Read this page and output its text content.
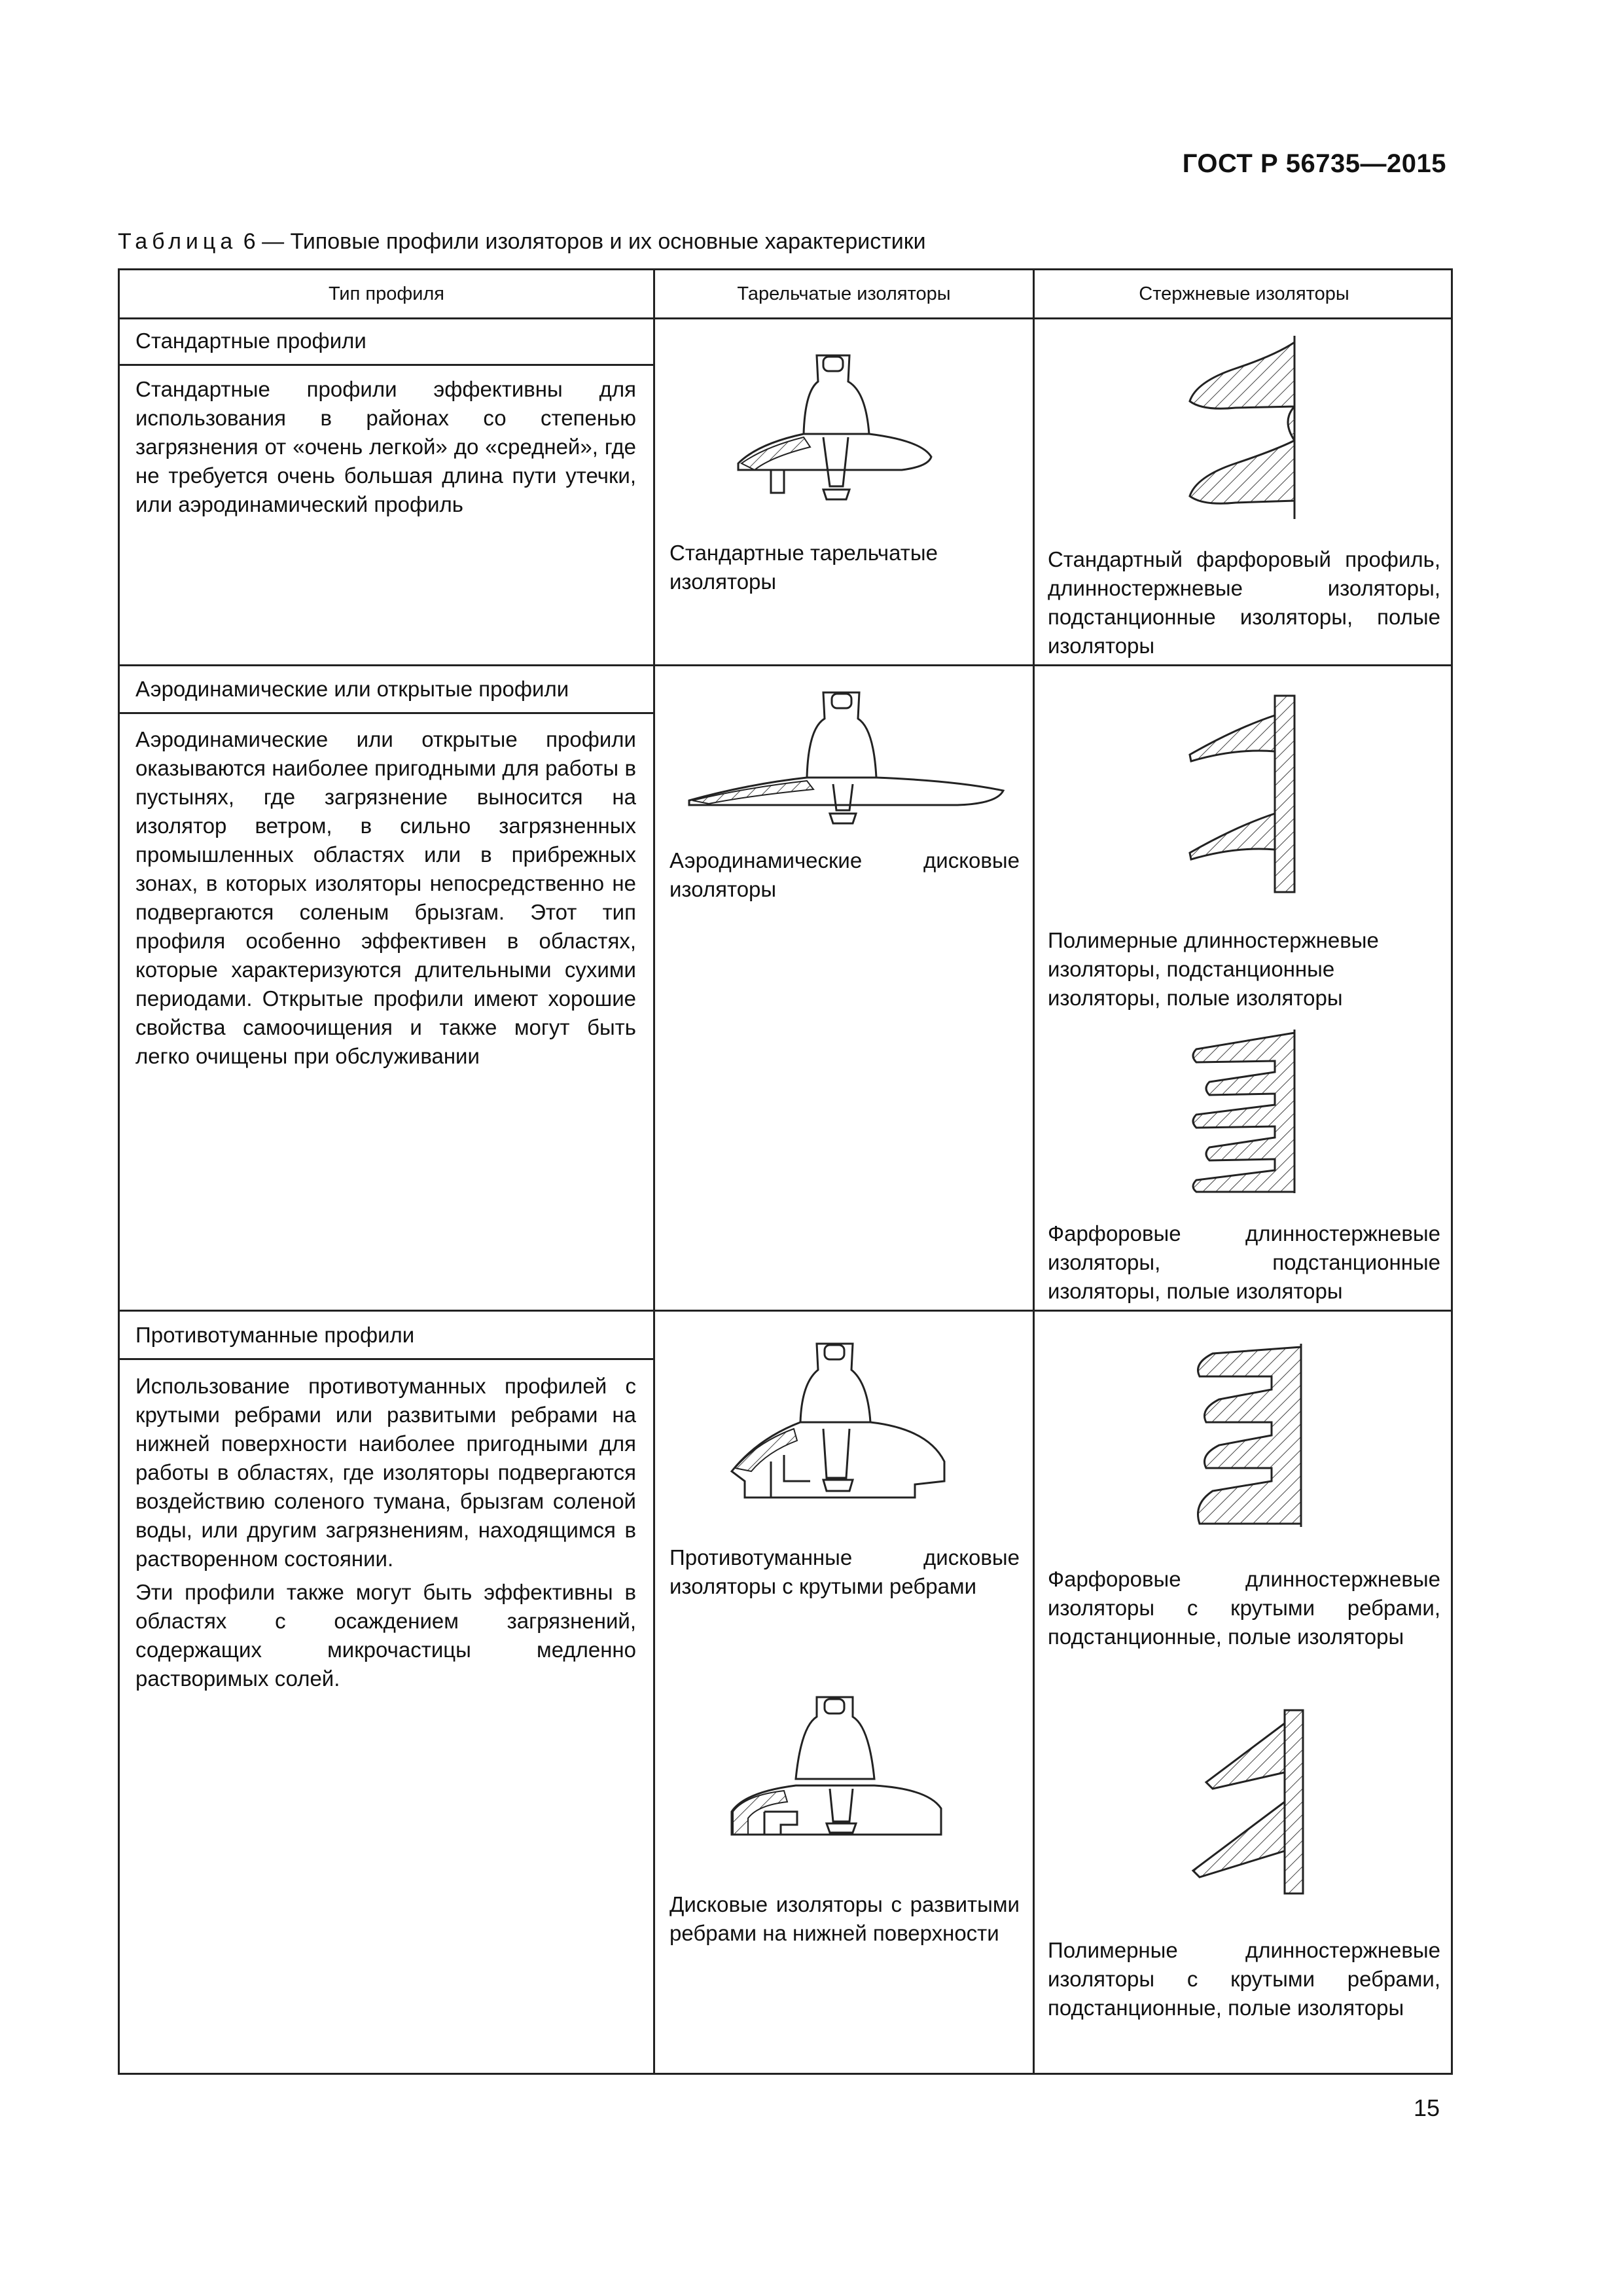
ГОСТ Р 56735—2015
Таблица 6 — Типовые профили изоляторов и их основные характеристики
Тип профиля	Тарельчатые изоляторы	Стержневые изоляторы
Стандартные профили
Стандартные профили эффективны для использования в районах со степенью загрязнения от «очень легкой» до «средней», где не требуется очень большая длина пути утечки, или аэродинамический профиль
Стандартные тарельчатые изоляторы
Стандартный фарфоровый профиль, длинностержневые изоляторы, подстанционные изоляторы, полые изоляторы
Аэродинамические или открытые профили
Аэродинамические или открытые профили оказываются наиболее пригодными для работы в пустынях, где загрязнение выносится на изолятор ветром, в сильно загрязненных промышленных областях или в прибрежных зонах, в которых изоляторы непосредственно не подвергаются соленым брызгам. Этот тип профиля особенно эффективен в областях, которые характеризуются длительными сухими периодами. Открытые профили имеют хорошие свойства самоочищения и также могут быть легко очищены при обслуживании
Аэродинамические дисковые изоляторы
Полимерные длинностержневые изоляторы, подстанционные изоляторы, полые изоляторы
Фарфоровые длинностержневые изоляторы, подстанционные изоляторы, полые изоляторы
Противотуманные профили
Использование противотуманных профилей с крутыми ребрами или развитыми ребрами на нижней поверхности наиболее пригодными для работы в областях, где изоляторы подвергаются воздействию соленого тумана, брызгам соленой воды, или другим загрязнениям, находящимся в растворенном состоянии.
Эти профили также могут быть эффективны в областях с осаждением загрязнений, содержащих микрочастицы медленно растворимых солей.
Противотуманные дисковые изоляторы с крутыми ребрами
Дисковые изоляторы с развитыми ребрами на нижней поверхности
Фарфоровые длинностержневые изоляторы с крутыми ребрами, подстанционные, полые изоляторы
Полимерные длинностержневые изоляторы с крутыми ребрами, подстанционные, полые изоляторы
15
